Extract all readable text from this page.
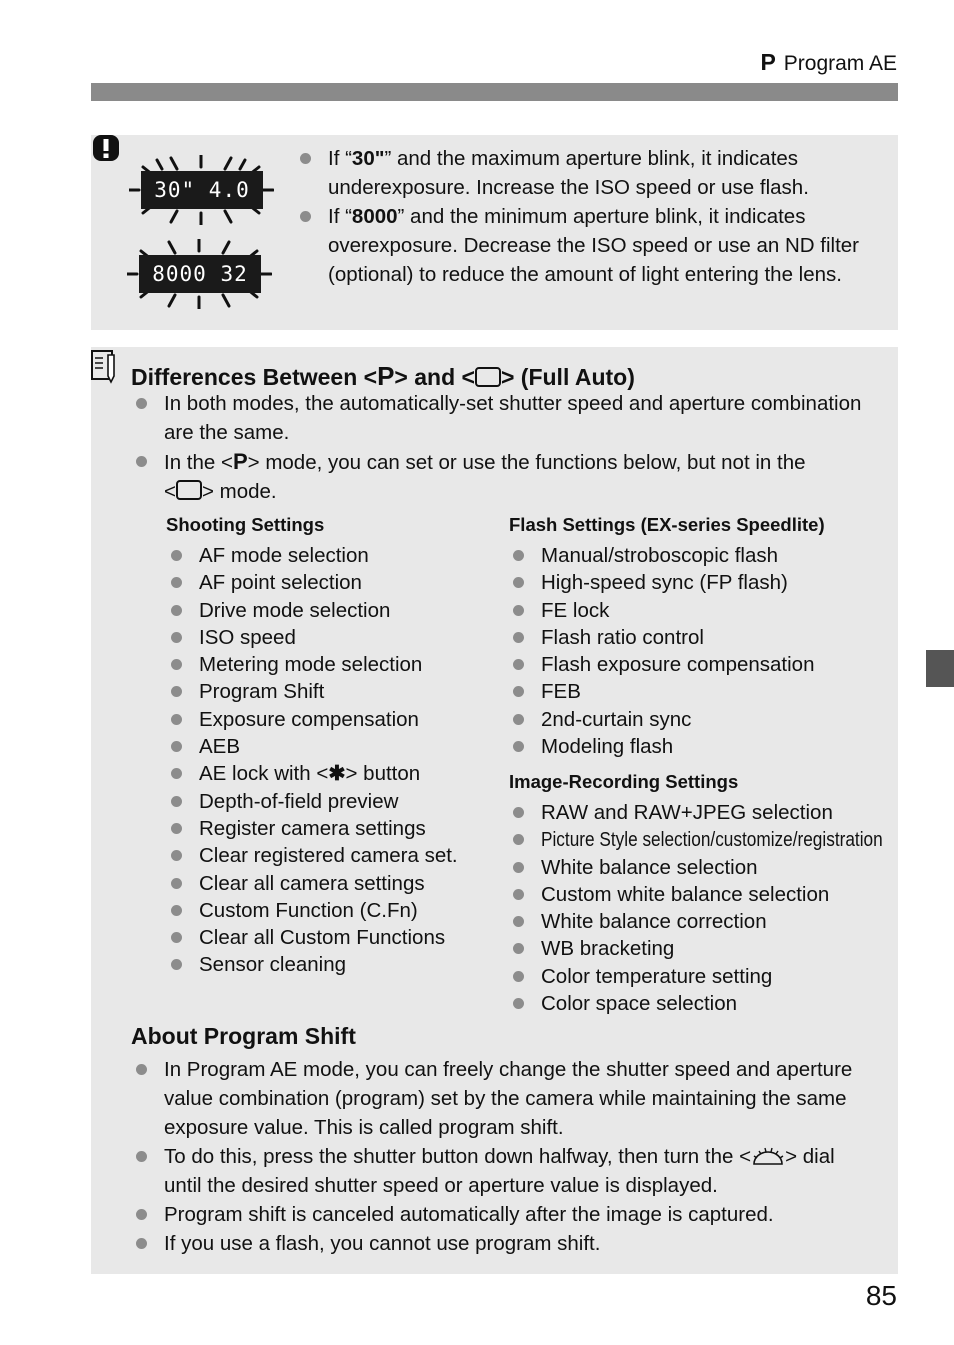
P Program AE
30" 4.0
8000 32
If “30"” and the maximum aperture blink, it indicates underexposure. Increase the ISO speed or use flash.
If “8000” and the minimum aperture blink, it indicates overexposure. Decrease the ISO speed or use an ND filter (optional) to reduce the amount of light entering the lens.
Differences Between <P> and < > (Full Auto)
In both modes, the automatically-set shutter speed and aperture combination are the same.
In the <P> mode, you can set or use the functions below, but not in the
< > mode.
Shooting Settings
AF mode selection
AF point selection
Drive mode selection
ISO speed
Metering mode selection
Program Shift
Exposure compensation
AEB
AE lock with <✱> button
Depth-of-field preview
Register camera settings
Clear registered camera set.
Clear all camera settings
Custom Function (C.Fn)
Clear all Custom Functions
Sensor cleaning
Flash Settings (EX-series Speedlite)
Manual/stroboscopic flash
High-speed sync (FP flash)
FE lock
Flash ratio control
Flash exposure compensation
FEB
2nd-curtain sync
Modeling flash
Image-Recording Settings
RAW and RAW+JPEG selection
Picture Style selection/customize/registration
White balance selection
Custom white balance selection
White balance correction
WB bracketing
Color temperature setting
Color space selection
About Program Shift
In Program AE mode, you can freely change the shutter speed and aperture value combination (program) set by the camera while maintaining the same exposure value. This is called program shift.
To do this, press the shutter button down halfway, then turn the < > dial until the desired shutter speed or aperture value is displayed.
Program shift is canceled automatically after the image is captured.
If you use a flash, you cannot use program shift.
85
